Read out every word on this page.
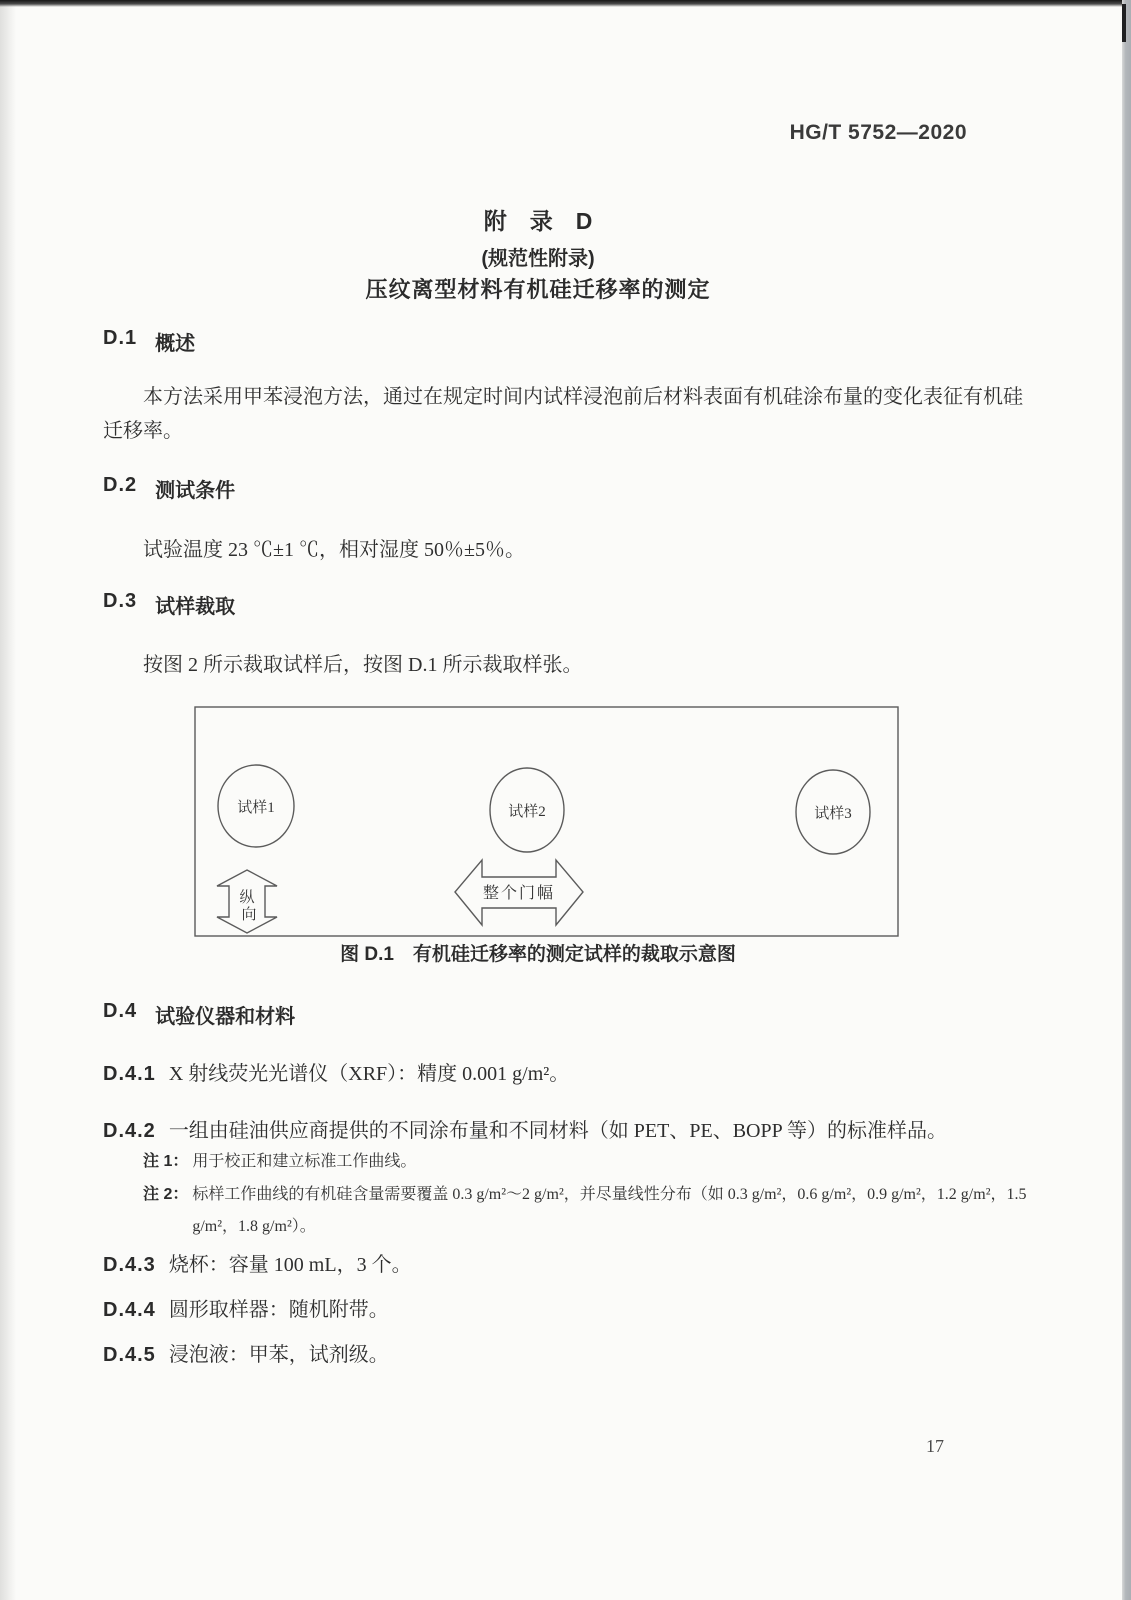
HG/T 5752—2020
附　录　D
(规范性附录)
压纹离型材料有机硅迁移率的测定
D.1 概述
本方法采用甲苯浸泡方法，通过在规定时间内试样浸泡前后材料表面有机硅涂布量的变化表征有机硅迁移率。
D.2 测试条件
试验温度 23 ℃±1 ℃，相对湿度 50％±5％。
D.3 试样裁取
按图 2 所示裁取试样后，按图 D.1 所示裁取样张。
试样1	试样2	试样3
纵
向
整个门幅
图 D.1　有机硅迁移率的测定试样的裁取示意图
D.4 试验仪器和材料
D.4.1 X 射线荧光光谱仪（XRF）：精度 0.001 g/m²。
D.4.2 一组由硅油供应商提供的不同涂布量和不同材料（如 PET、PE、BOPP 等）的标准样品。
注 1： 用于校正和建立标准工作曲线。
注 2： 标样工作曲线的有机硅含量需要覆盖 0.3 g/m²～2 g/m²，并尽量线性分布（如 0.3 g/m²，0.6 g/m²，0.9 g/m²，1.2 g/m²，1.5 g/m²，1.8 g/m²）。
D.4.3 烧杯：容量 100 mL，3 个。
D.4.4 圆形取样器：随机附带。
D.4.5 浸泡液：甲苯，试剂级。
17
